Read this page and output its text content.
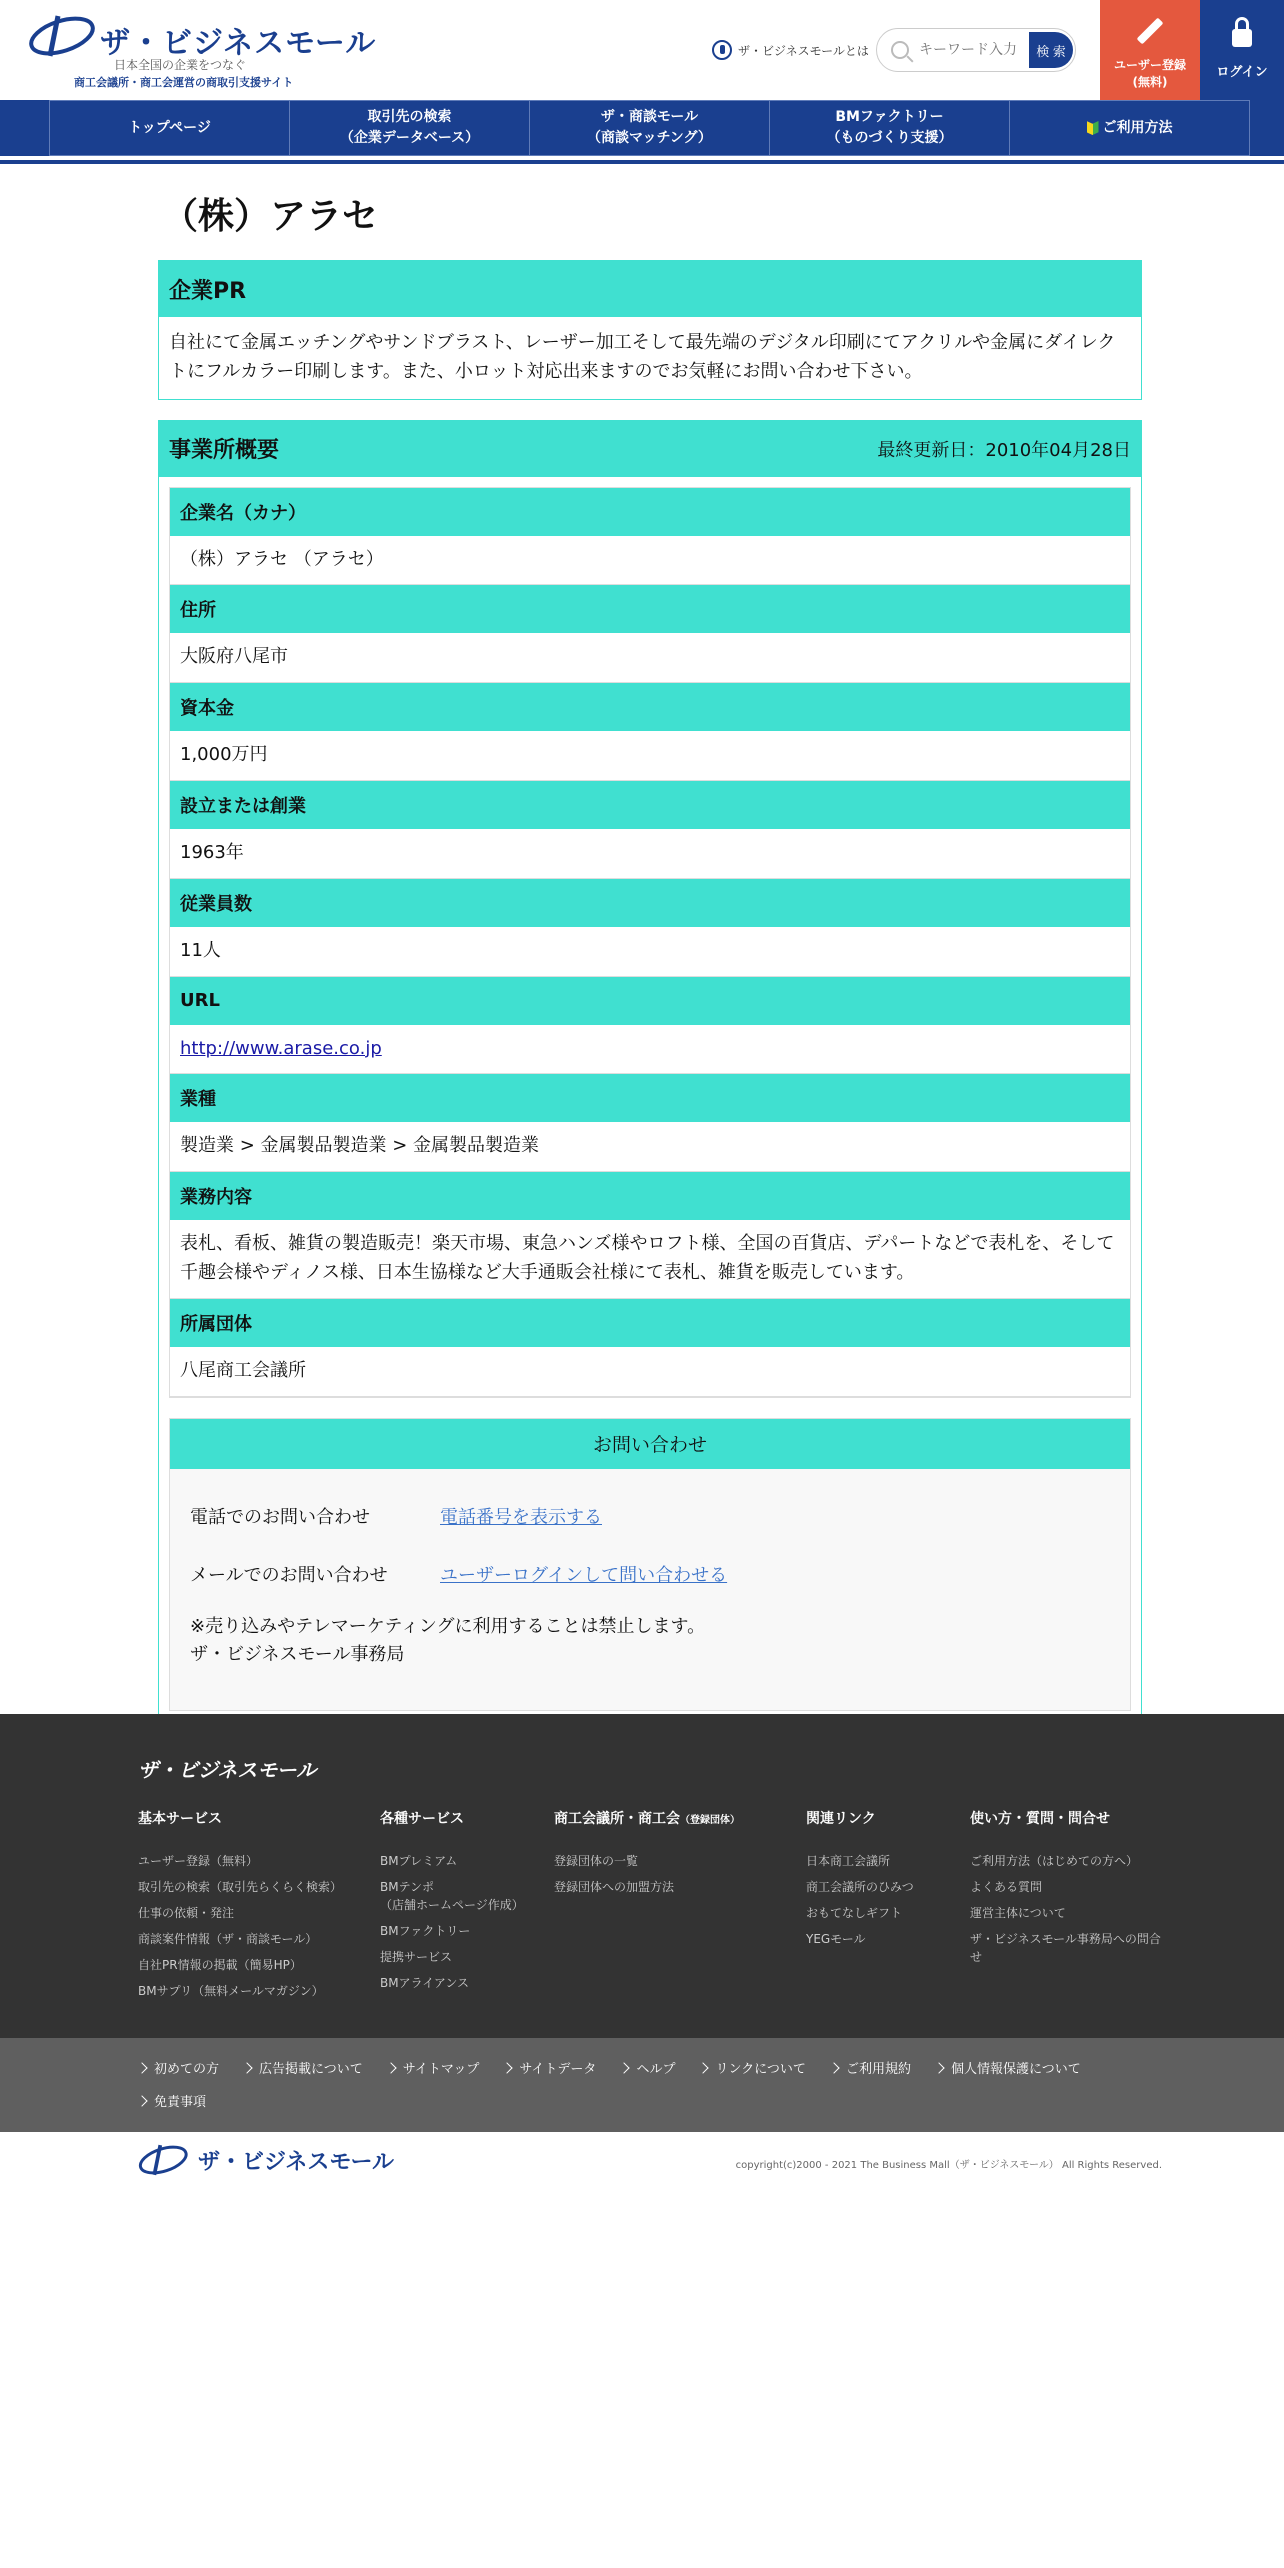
ザ・ビジネスモール
日本全国の企業をつなぐ
商工会議所・商工会運営の商取引支援サイト
ザ・ビジネスモールとは
キーワード入力	検 索
ユーザー登録
(無料)
ログイン
トップページ
取引先の検索
（企業データベース）
ザ・商談モール
（商談マッチング）
BMファクトリー
（ものづくり支援）
ご利用方法
（株）アラセ
企業PR
自社にて金属エッチングやサンドブラスト、レーザー加工そして最先端のデジタル印刷にてアクリルや金属にダイレクトにフルカラー印刷します。また、小ロット対応出来ますのでお気軽にお問い合わせ下さい。
事業所概要	最終更新日：2010年04月28日
企業名（カナ）
（株）アラセ （アラセ）
住所
大阪府八尾市
資本金
1,000万円
設立または創業
1963年
従業員数
11人
URL
http://www.arase.co.jp
業種
製造業 > 金属製品製造業 > 金属製品製造業
業務内容
表札、看板、雑貨の製造販売！楽天市場、東急ハンズ様やロフト様、全国の百貨店、デパートなどで表札を、そして千趣会様やディノス様、日本生協様など大手通販会社様にて表札、雑貨を販売しています。
所属団体
八尾商工会議所
お問い合わせ
電話でのお問い合わせ	電話番号を表示する
メールでのお問い合わせ	ユーザーログインして問い合わせる
※売り込みやテレマーケティングに利用することは禁止します。
ザ・ビジネスモール事務局
ザ・ビジネスモール
基本サービス
ユーザー登録（無料）
取引先の検索（取引先らくらく検索）
仕事の依頼・発注
商談案件情報（ザ・商談モール）
自社PR情報の掲載（簡易HP）
BMサプリ（無料メールマガジン）
各種サービス
BMプレミアム
BMテンポ
（店舗ホームページ作成）
BMファクトリー
提携サービス
BMアライアンス
商工会議所・商工会（登録団体）
登録団体の一覧
登録団体への加盟方法
関連リンク
日本商工会議所
商工会議所のひみつ
おもてなしギフト
YEGモール
使い方・質問・問合せ
ご利用方法（はじめての方へ）
よくある質問
運営主体について
ザ・ビジネスモール事務局への問合せ
初めての方	広告掲載について	サイトマップ	サイトデータ	ヘルプ	リンクについて	ご利用規約	個人情報保護について
免責事項
ザ・ビジネスモール	copyright(c)2000 - 2021 The Business Mall（ザ・ビジネスモール） All Rights Reserved.
